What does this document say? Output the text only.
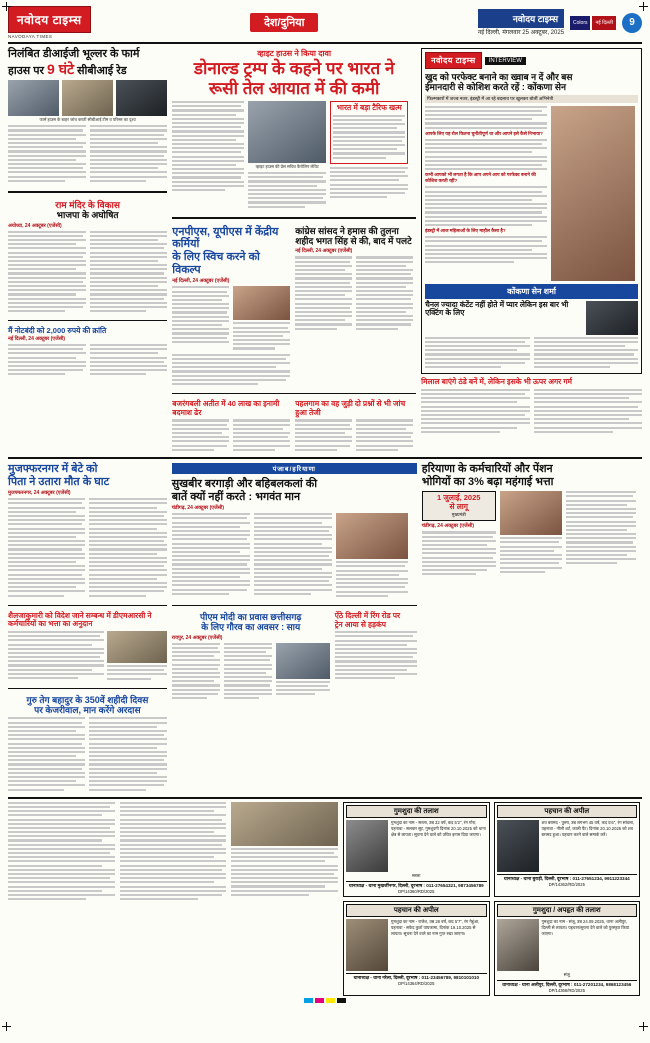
नवोदय टाइम्स
NAVODAYA TIMES
देश/दुनिया	नवोदय टाइम्स
नई दिल्ली, मंगलवार 25 अक्टूबर, 2025
Colors	नई दिल्ली	9
निलंबित डीआईजी भूल्लर के फार्म
हाउस पर 9 घंटे सीबीआई रेड
फार्म हाउस के बाहर जांच करती सीबीआई टीम व परिसर का दृश्य
राम मंदिर के विकास
भाजपा के अघोषित
अयोध्या, 24 अक्टूबर (एजेंसी)
मैं नोटबंदी को 2,000 रुपये की क्रांति
नई दिल्ली, 24 अक्टूबर (एजेंसी)
व्हाइट हाउस ने किया दावा
डोनाल्ड ट्रम्प के कहने पर भारत ने
रूसी तेल आयात में की कमी
व्हाइट हाउस की प्रेस सचिव कैरोलिन लेविट
भारत में बड़ा टैरिफ खत्म
एनपीएस, यूपीएस में केंद्रीय कर्मियों
के लिए स्विच करने को विकल्प
नई दिल्ली, 24 अक्टूबर (एजेंसी)
कांग्रेस सांसद ने हमास की तुलना
शहीद भगत सिंह से की, बाद में पलटे
नई दिल्ली, 24 अक्टूबर (एजेंसी)
बजरंगबली अतीत में 40 लाख का इनामी बदमाश ढेर
पहलगाम का वह जुड़ी दो प्रश्नों से भी जांच हुआ तेजी
नवोदय टाइम्स	INTERVIEW
खुद को परफेक्ट बनाने का ख्वाब न दें और बस
ईमानदारी से कोशिश करते रहें : कोंकणा सेन
फिल्मकारों में जज्ब नजर, इंडस्ट्री में आ रहे बदलाव पर खुलकर बोलीं अभिनेत्री
आपके लिए यह रोल कितना चुनौतीपूर्ण था और आपने इसे कैसे निभाया?
कभी आपको भी लगता है कि आप अपने आप को परफेक्ट बनाने की कोशिश करती रहीं?
इंडस्ट्री में आज महिलाओं के लिए माहौल कैसा है?
कोंकणा सेन शर्मा
चैनल ज्यादा कंटेंट नहीं होते में प्यार लेकिन इस बार भी एक्टिंग के लिए
मिलाल बाएंगे ठंडे बनें में, लेकिन इसके भी ऊपर अगर गर्म
मुजफ्फरनगर में बेटे को
पिता ने उतारा मौत के घाट
मुजफ्फरनगर, 24 अक्टूबर (एजेंसी)
शैलजाकुमारी को विदेश जाने सम्बन्ध में डीएमआरसी ने कर्मचारियों का भत्ता का अनुदान
गुरु तेग बहादुर के 350वें शहीदी दिवस
पर केजरीवाल, मान करेंगे अरदास
पंजाब/हरियाणा
सुखबीर बरगाड़ी और बहिबलकलां की
बातें क्यों नहीं करते : भगवंत मान
चंडीगढ़, 24 अक्टूबर (एजेंसी)
पीएम मोदी का प्रवास छत्तीसगढ़
के लिए गौरव का अवसर : साय
रायपुर, 24 अक्टूबर (एजेंसी)
ऐंठे दिल्ली में रिंग रोड पर
ट्रेन आया से हड़कंप
हरियाणा के कर्मचारियों और पेंशन
भोगियों का 3% बढ़ा महंगाई भत्ता
1 जुलाई, 2025
से लागू
मुख्यमंत्री
चंडीगढ़, 24 अक्टूबर (एजेंसी)
गुमशुदा की तलाश
गुमशुदा का नाम - सरला, उम्र 32 वर्ष, कद 5'2", रंग गोरा, पहनावा - सलवार सूट, गुमशुदगी दिनांक 20.10.2025 को थाना क्षेत्र से लापता। सूचना देने वाले को उचित इनाम दिया जाएगा।
सरला
थानाध्यक्ष - थाना मुखर्जीनगर, दिल्ली, दूरभाष : 011-27654321, 9873456789
DP/14360/RD/2025
पहचान की अपील
शव बरामद - पुरुष, उम्र लगभग 45 वर्ष, कद 5'6", रंग सांवला, पहनावा - नीली शर्ट, काली पैंट। दिनांक 20.10.2025 को शव बरामद हुआ। पहचान करने वाले सम्पर्क करें।
थानाध्यक्ष - थाना बुराड़ी, दिल्ली, दूरभाष : 011-27651234, 9911223344
DP/14362/RD/2025
पहचान की अपील
गुमशुदा का नाम - राजेश, उम्र 28 वर्ष, कद 5'7", रंग गेहुंआ, पहनावा - सफेद कुर्ता पायजामा, दिनांक 19.10.2025 से लापता। सूचना देने वाले का नाम गुप्त रखा जाएगा।
थानाध्यक्ष - थाना नरेला, दिल्ली, दूरभाष : 011-23456789, 9810101010
DP/14364/RD/2025
गुमशुदा / अपहृत की तलाश
गुमशुदा का नाम - संजू, उम्र 24.09.2025, थाना अलीपुर, दिल्ली से लापता। पहचान/सूचना देने वाले को पुरस्कृत किया जाएगा।
संजू
थानाध्यक्ष - थाना अलीपुर, दिल्ली, दूरभाष : 011-27201234, 9868123456
DP/14366/RD/2025
